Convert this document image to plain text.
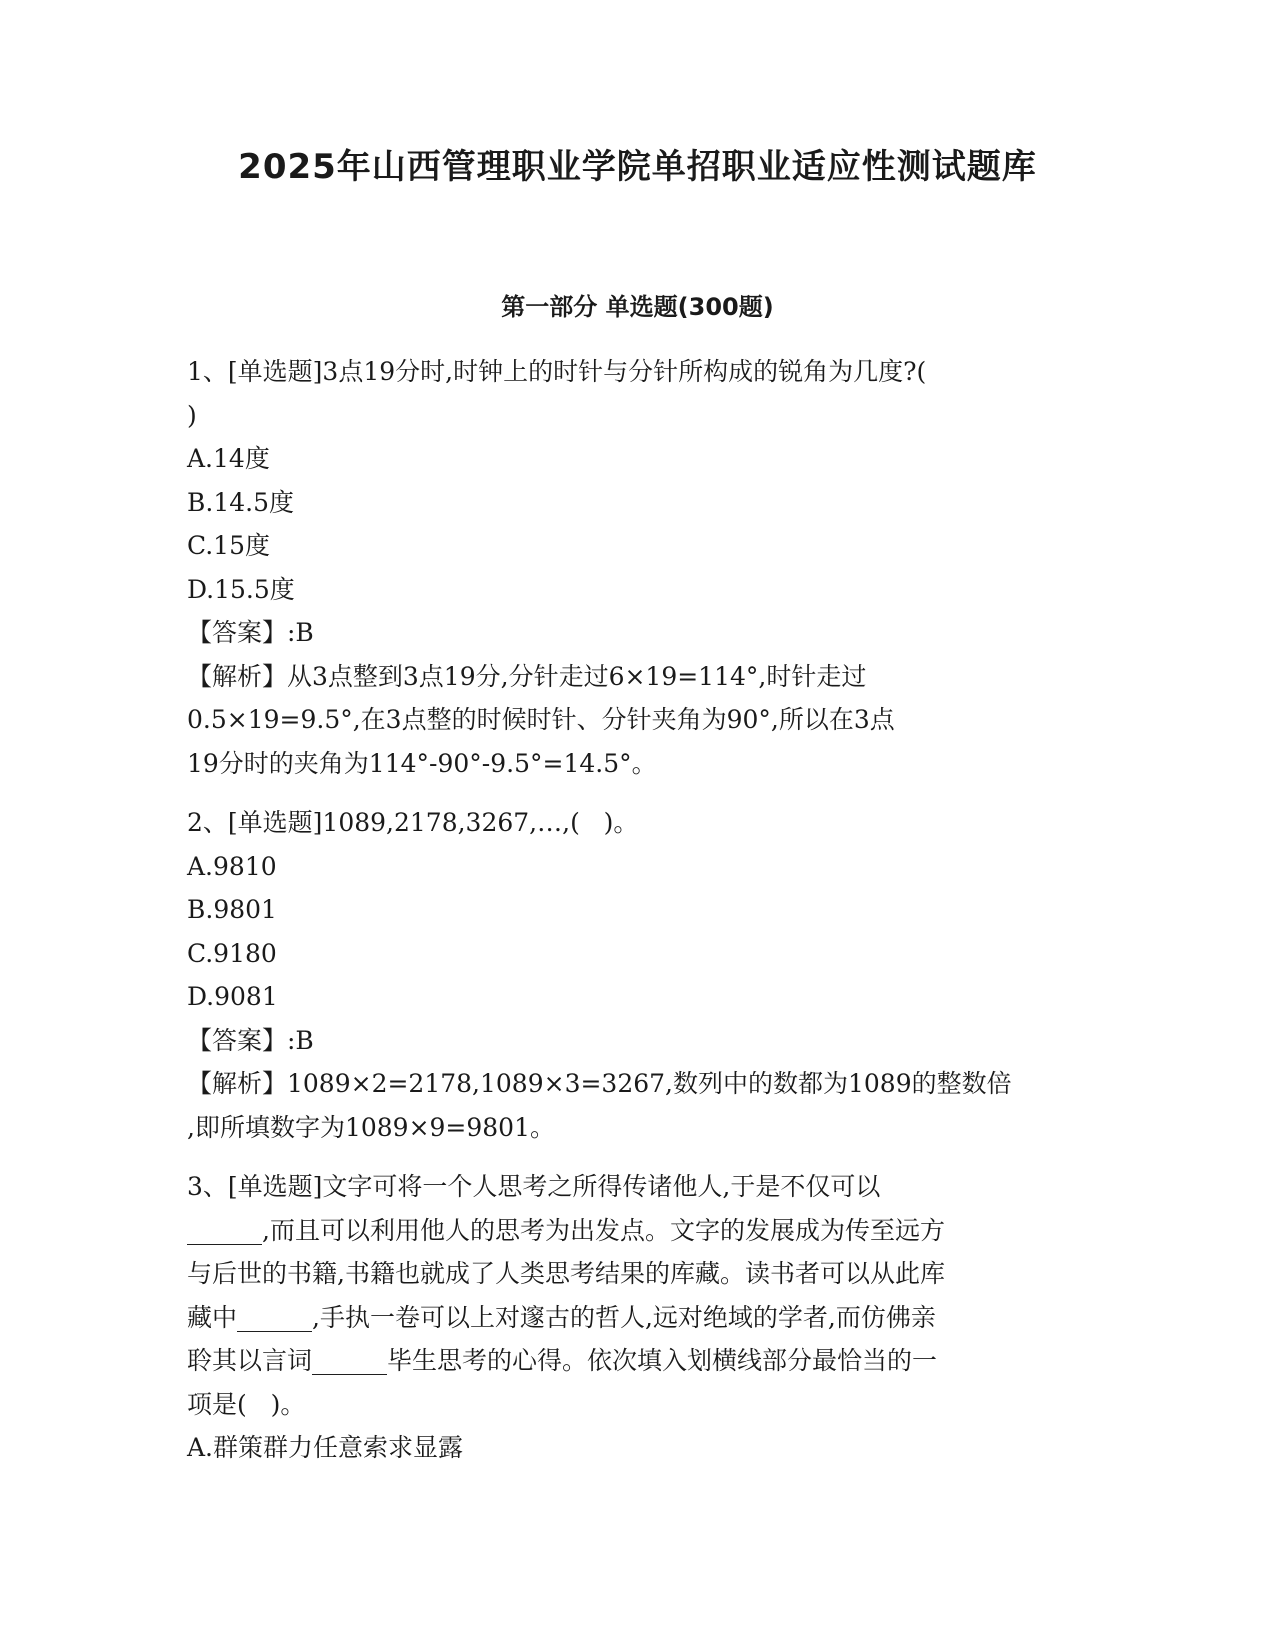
2025年山西管理职业学院单招职业适应性测试题库
第一部分 单选题(300题)
1、[单选题]3点19分时,时钟上的时针与分针所构成的锐角为几度?(
)
A.14度
B.14.5度
C.15度
D.15.5度
【答案】:B
【解析】从3点整到3点19分,分针走过6×19=114°,时针走过
0.5×19=9.5°,在3点整的时候时针、分针夹角为90°,所以在3点
19分时的夹角为114°-90°-9.5°=14.5°。
2、[单选题]1089,2178,3267,…,(   )。
A.9810
B.9801
C.9180
D.9081
【答案】:B
【解析】1089×2=2178,1089×3=3267,数列中的数都为1089的整数倍
,即所填数字为1089×9=9801。
3、[单选题]文字可将一个人思考之所得传诸他人,于是不仅可以
______,而且可以利用他人的思考为出发点。文字的发展成为传至远方
与后世的书籍,书籍也就成了人类思考结果的库藏。读书者可以从此库
藏中______,手执一卷可以上对邃古的哲人,远对绝域的学者,而仿佛亲
聆其以言词______毕生思考的心得。依次填入划横线部分最恰当的一
项是(   )。
A.群策群力任意索求显露
